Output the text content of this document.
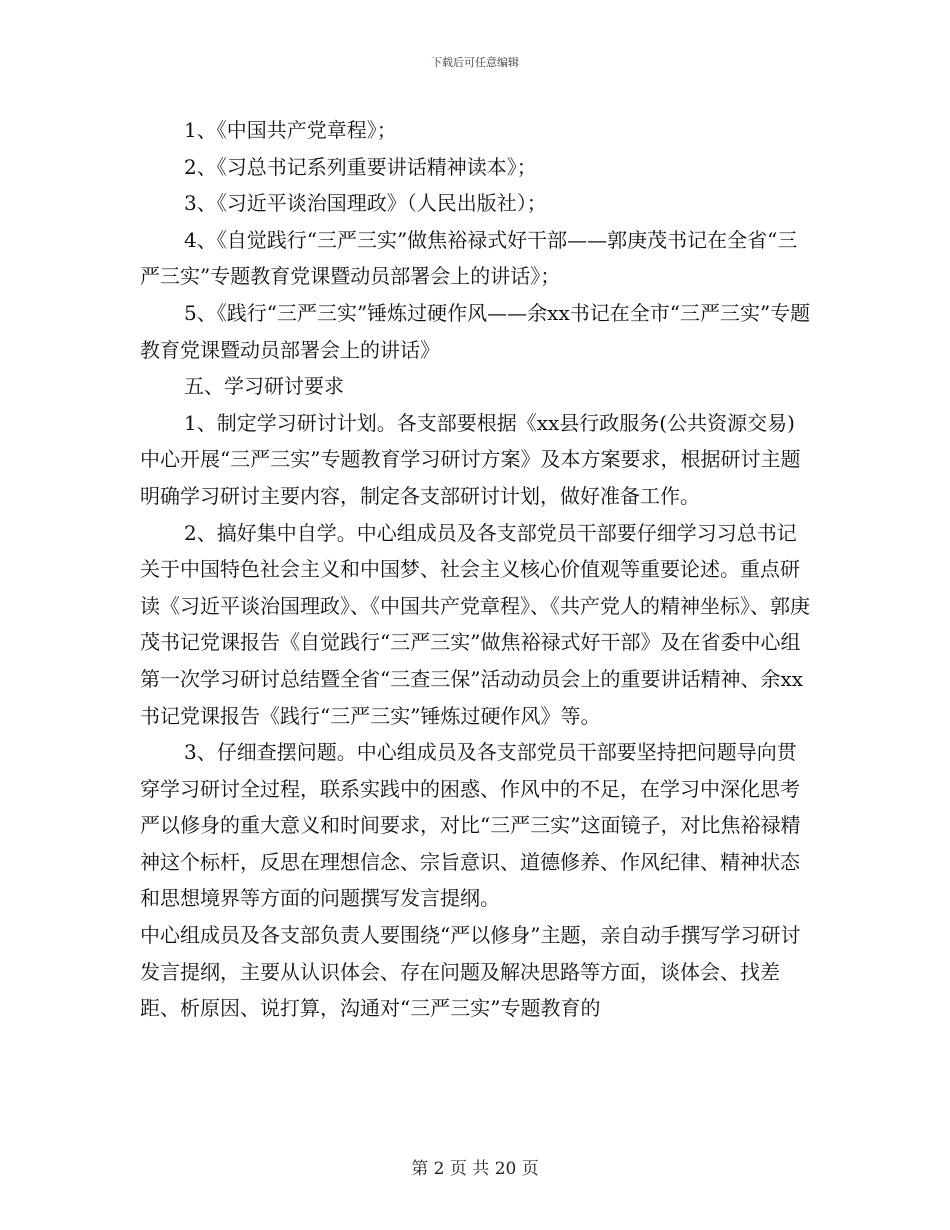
下载后可任意编辑

1、《中国共产党章程》；

2、《习总书记系列重要讲话精神读本》；

3、《习近平谈治国理政》（人民出版社）；

4、《自觉践行“三严三实”做焦裕禄式好干部——郭庚茂书记在全省“三严三实”专题教育党课暨动员部署会上的讲话》；

5、《践行“三严三实”锤炼过硬作风——余xx书记在全市“三严三实”专题教育党课暨动员部署会上的讲话》

五、学习研讨要求

1、制定学习研讨计划。各支部要根据《xx县行政服务(公共资源交易)中心开展“三严三实”专题教育学习研讨方案》及本方案要求，根据研讨主题明确学习研讨主要内容，制定各支部研讨计划，做好准备工作。

2、搞好集中自学。中心组成员及各支部党员干部要仔细学习习总书记关于中国特色社会主义和中国梦、社会主义核心价值观等重要论述。重点研读《习近平谈治国理政》、《中国共产党章程》、《共产党人的精神坐标》、郭庚茂书记党课报告《自觉践行“三严三实”做焦裕禄式好干部》及在省委中心组第一次学习研讨总结暨全省“三查三保”活动动员会上的重要讲话精神、余xx书记党课报告《践行“三严三实”锤炼过硬作风》等。

3、仔细查摆问题。中心组成员及各支部党员干部要坚持把问题导向贯穿学习研讨全过程，联系实践中的困惑、作风中的不足，在学习中深化思考严以修身的重大意义和时间要求，对比“三严三实”这面镜子，对比焦裕禄精神这个标杆，反思在理想信念、宗旨意识、道德修养、作风纪律、精神状态和思想境界等方面的问题撰写发言提纲。

中心组成员及各支部负责人要围绕“严以修身”主题，亲自动手撰写学习研讨发言提纲，主要从认识体会、存在问题及解决思路等方面，谈体会、找差距、析原因、说打算，沟通对“三严三实”专题教育的

第 2 页 共 20 页
